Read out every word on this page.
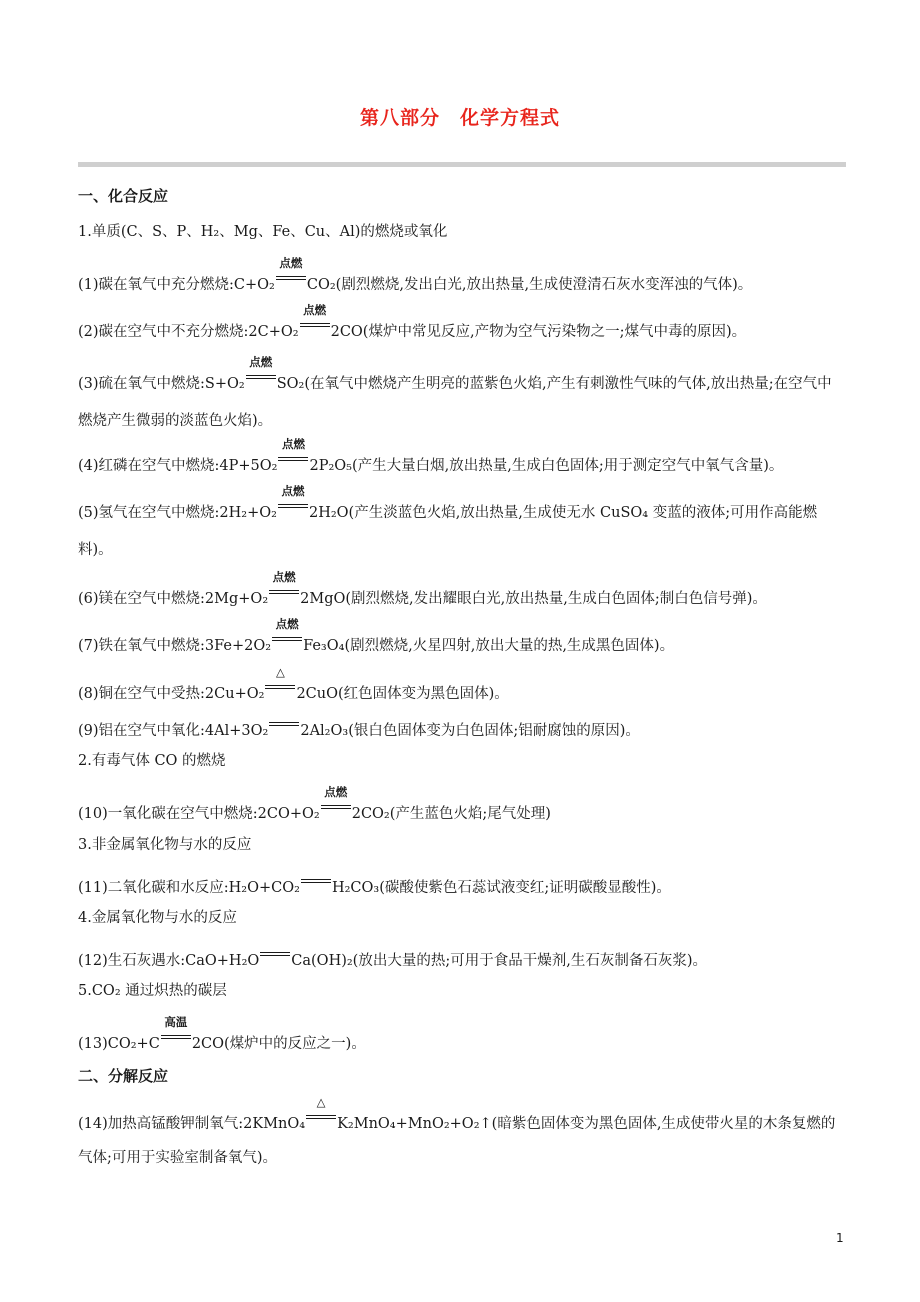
第八部分　化学方程式
一、化合反应
1.单质(C、S、P、H₂、Mg、Fe、Cu、Al)的燃烧或氧化
(1)碳在氧气中充分燃烧:C+O₂
点燃
CO₂(剧烈燃烧,发出白光,放出热量,生成使澄清石灰水变浑浊的气体)。
(2)碳在空气中不充分燃烧:2C+O₂
点燃
2CO(煤炉中常见反应,产物为空气污染物之一;煤气中毒的原因)。
(3)硫在氧气中燃烧:S+O₂
点燃
SO₂(在氧气中燃烧产生明亮的蓝紫色火焰,产生有刺激性气味的气体,放出热量;在空气中燃烧产生微弱的淡蓝色火焰)。
(4)红磷在空气中燃烧:4P+5O₂
点燃
2P₂O₅(产生大量白烟,放出热量,生成白色固体;用于测定空气中氧气含量)。
(5)氢气在空气中燃烧:2H₂+O₂
点燃
2H₂O(产生淡蓝色火焰,放出热量,生成使无水 CuSO₄ 变蓝的液体;可用作高能燃料)。
(6)镁在空气中燃烧:2Mg+O₂
点燃
2MgO(剧烈燃烧,发出耀眼白光,放出热量,生成白色固体;制白色信号弹)。
(7)铁在氧气中燃烧:3Fe+2O₂
点燃
Fe₃O₄(剧烈燃烧,火星四射,放出大量的热,生成黑色固体)。
(8)铜在空气中受热:2Cu+O₂
△
2CuO(红色固体变为黑色固体)。
(9)铝在空气中氧化:4Al+3O₂ 2Al₂O₃(银白色固体变为白色固体;铝耐腐蚀的原因)。
2.有毒气体 CO 的燃烧
(10)一氧化碳在空气中燃烧:2CO+O₂
点燃
2CO₂(产生蓝色火焰;尾气处理)
3.非金属氧化物与水的反应
(11)二氧化碳和水反应:H₂O+CO₂ H₂CO₃(碳酸使紫色石蕊试液变红;证明碳酸显酸性)。
4.金属氧化物与水的反应
(12)生石灰遇水:CaO+H₂O Ca(OH)₂(放出大量的热;可用于食品干燥剂,生石灰制备石灰浆)。
5.CO₂ 通过炽热的碳层
(13)CO₂+C
高温
2CO(煤炉中的反应之一)。
二、分解反应
(14)加热高锰酸钾制氧气:2KMnO₄
△
K₂MnO₄+MnO₂+O₂↑(暗紫色固体变为黑色固体,生成使带火星的木条复燃的气体;可用于实验室制备氧气)。
1
